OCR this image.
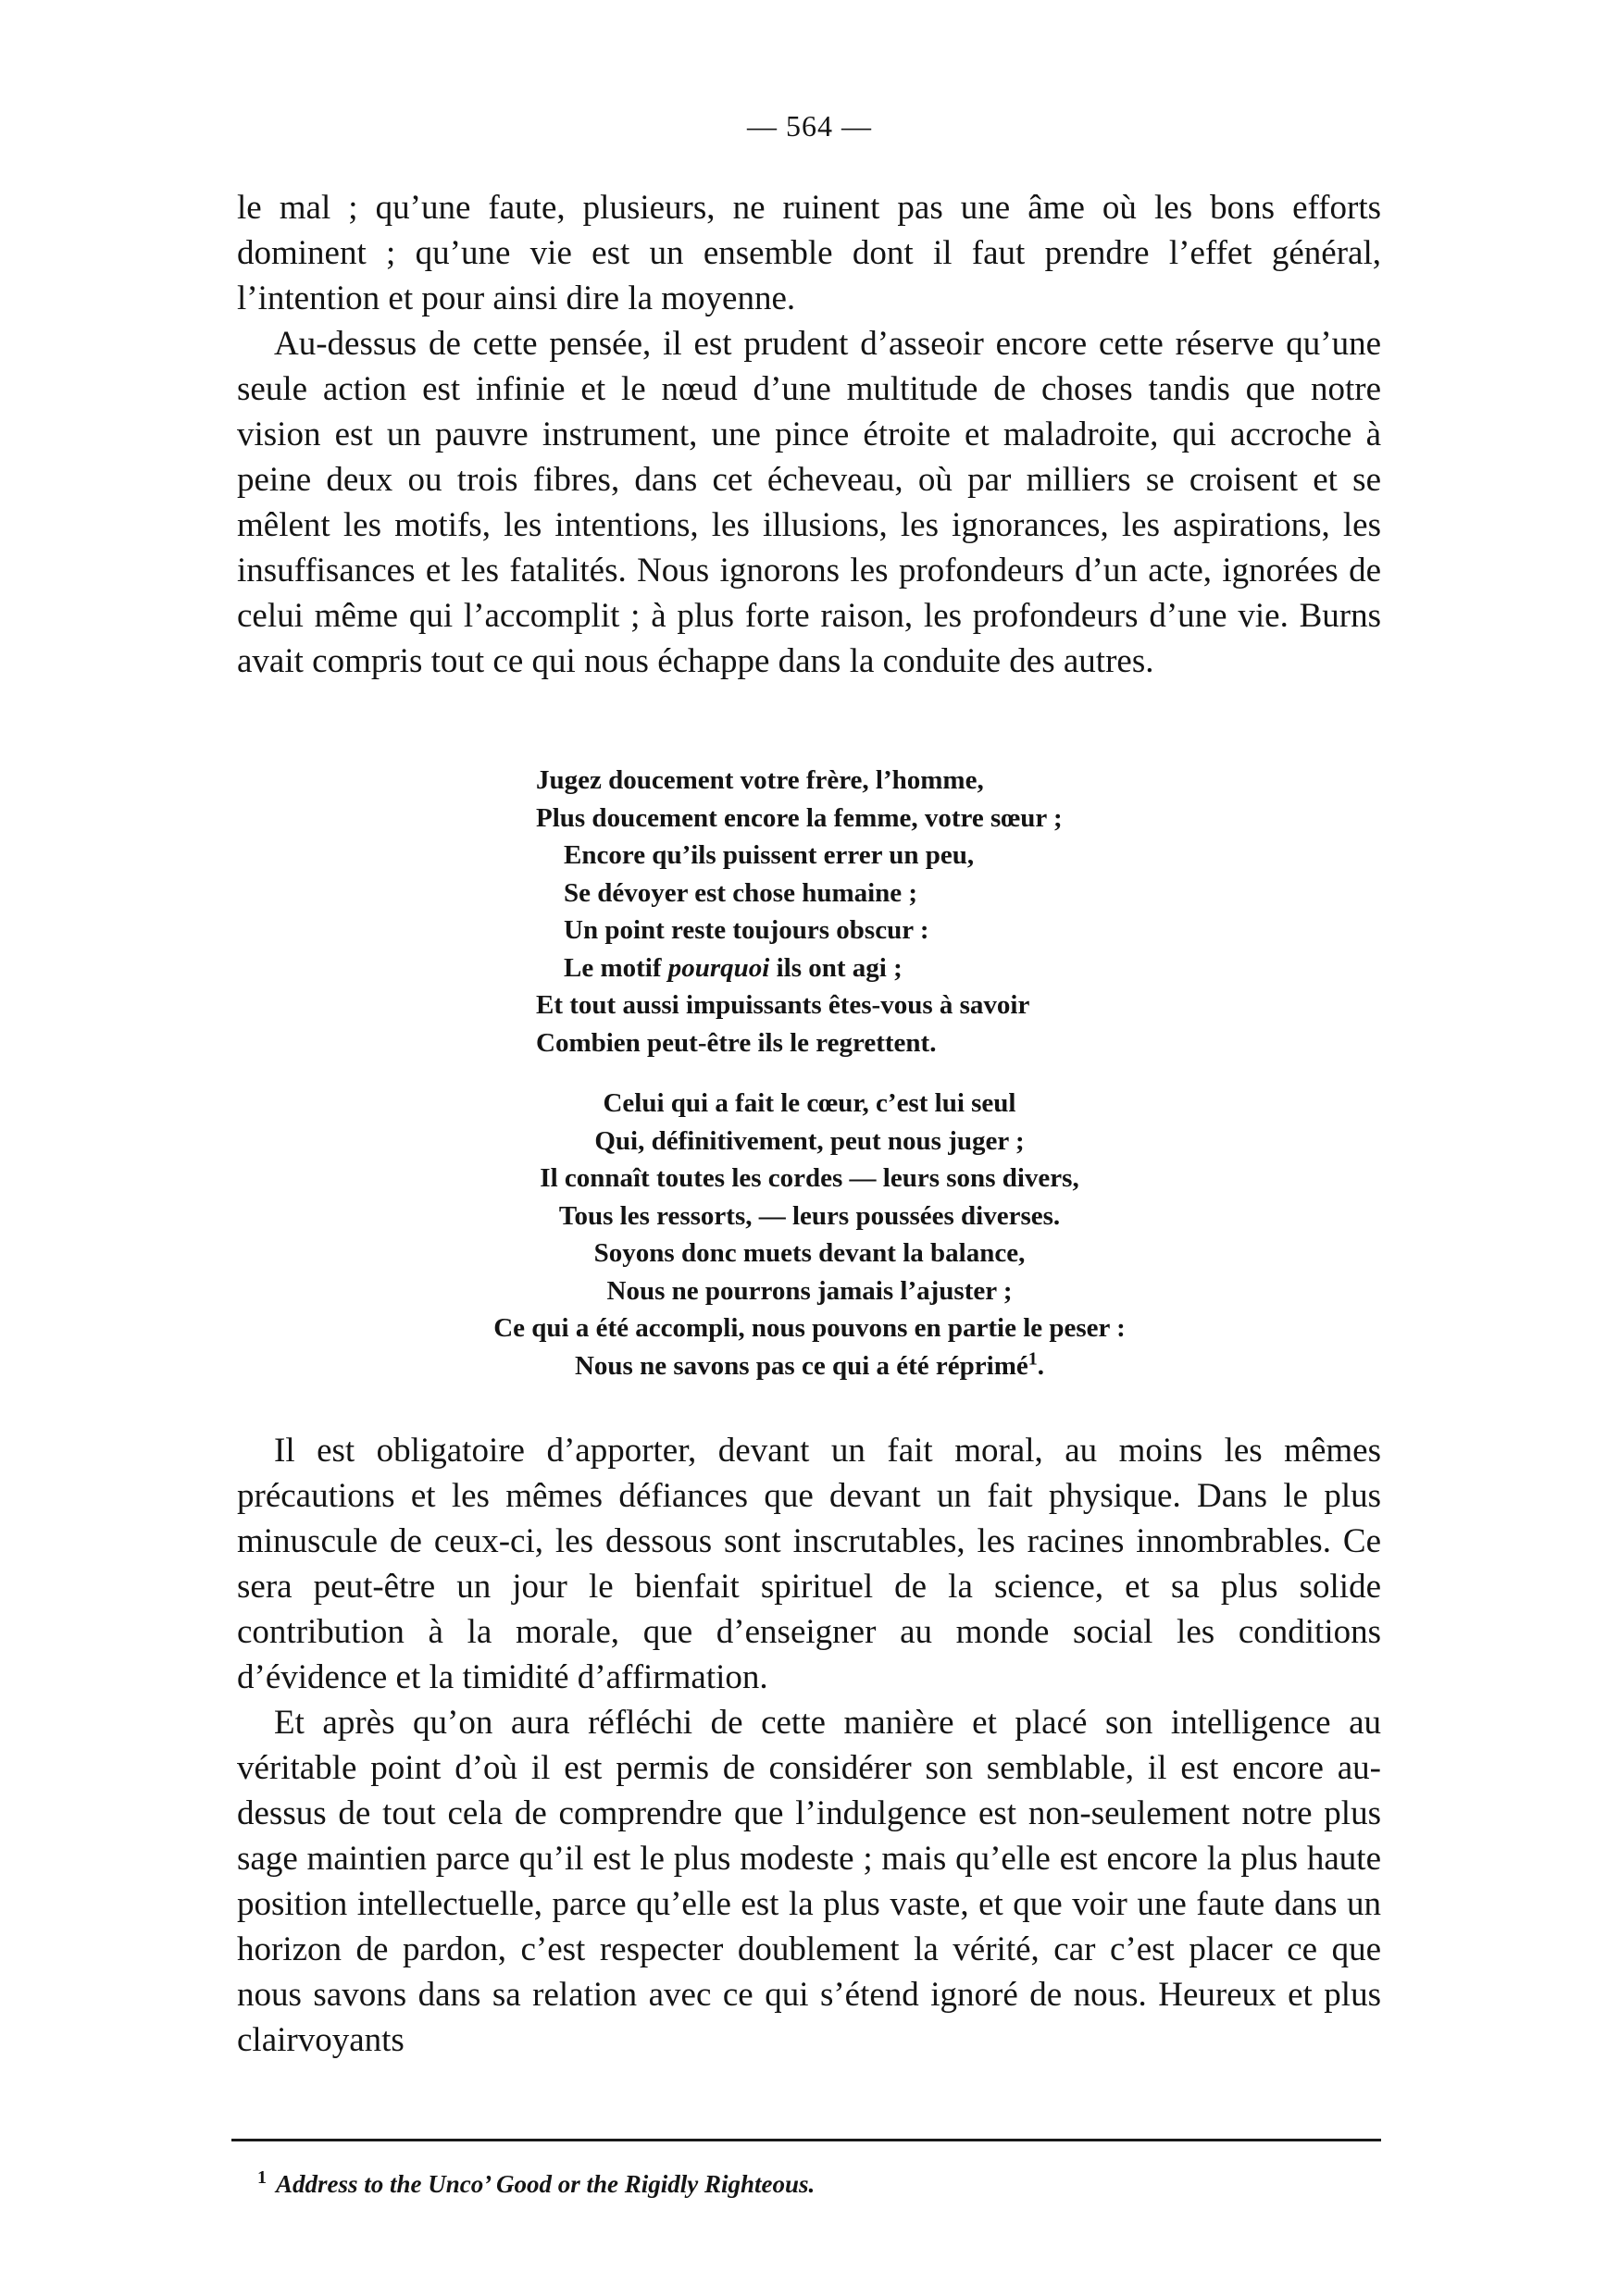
— 564 —

le mal ; qu’une faute, plusieurs, ne ruinent pas une âme où les bons efforts dominent ; qu’une vie est un ensemble dont il faut prendre l’effet général, l’intention et pour ainsi dire la moyenne.

Au-dessus de cette pensée, il est prudent d’asseoir encore cette réserve qu’une seule action est infinie et le nœud d’une multitude de choses tandis que notre vision est un pauvre instrument, une pince étroite et maladroite, qui accroche à peine deux ou trois fibres, dans cet écheveau, où par milliers se croisent et se mêlent les motifs, les intentions, les illusions, les ignorances, les aspirations, les insuffisances et les fatalités. Nous ignorons les profondeurs d’un acte, ignorées de celui même qui l’accomplit ; à plus forte raison, les profondeurs d’une vie. Burns avait compris tout ce qui nous échappe dans la conduite des autres.

Jugez doucement votre frère, l’homme,
Plus doucement encore la femme, votre sœur ;
Encore qu’ils puissent errer un peu,
Se dévoyer est chose humaine ;
Un point reste toujours obscur :
Le motif pourquoi ils ont agi ;
Et tout aussi impuissants êtes-vous à savoir
Combien peut-être ils le regrettent.
Celui qui a fait le cœur, c’est lui seul
Qui, définitivement, peut nous juger ;
Il connaît toutes les cordes — leurs sons divers,
Tous les ressorts, — leurs poussées diverses.
Soyons donc muets devant la balance,
Nous ne pourrons jamais l’ajuster ;
Ce qui a été accompli, nous pouvons en partie le peser :
Nous ne savons pas ce qui a été réprimé$^1$.

Il est obligatoire d’apporter, devant un fait moral, au moins les mêmes précautions et les mêmes défiances que devant un fait physique. Dans le plus minuscule de ceux-ci, les dessous sont inscrutables, les racines innombrables. Ce sera peut-être un jour le bienfait spirituel de la science, et sa plus solide contribution à la morale, que d’enseigner au monde social les conditions d’évidence et la timidité d’affirmation.

Et après qu’on aura réfléchi de cette manière et placé son intelligence au véritable point d’où il est permis de considérer son semblable, il est encore au-dessus de tout cela de comprendre que l’indulgence est non-seulement notre plus sage maintien parce qu’il est le plus modeste ; mais qu’elle est encore la plus haute position intellectuelle, parce qu’elle est la plus vaste, et que voir une faute dans un horizon de pardon, c’est respecter doublement la vérité, car c’est placer ce que nous savons dans sa relation avec ce qui s’étend ignoré de nous. Heureux et plus clairvoyants

$^1$ Address to the Unco’ Good or the Rigidly Righteous.
